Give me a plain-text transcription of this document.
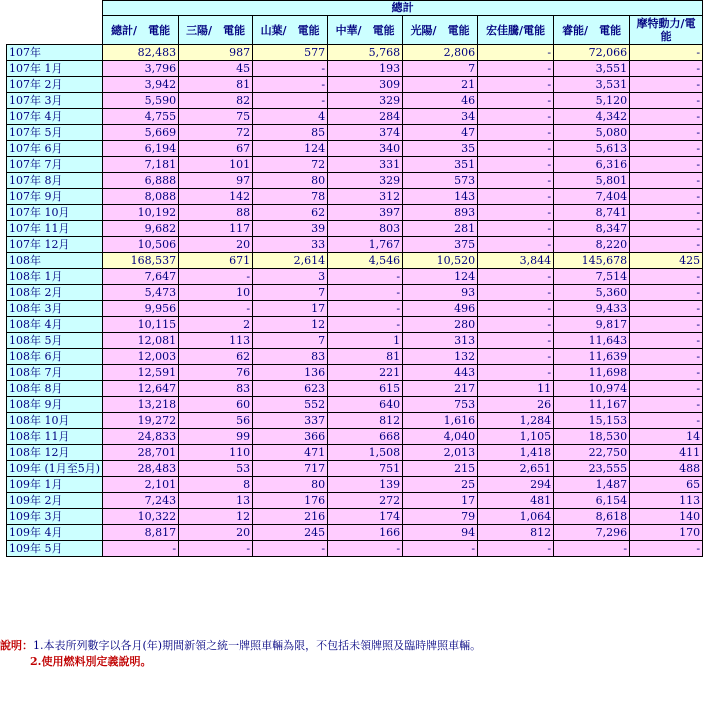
	總計							
	總計/　電能	三陽/　電能	山葉/　電能	中華/　電能	光陽/　電能	宏佳騰/電能	睿能/　電能	摩特動力/電能
107年	82,483	987	577	5,768	2,806	-	72,066	-
107年 1月	3,796	45	-	193	7	-	3,551	-
107年 2月	3,942	81	-	309	21	-	3,531	-
107年 3月	5,590	82	-	329	46	-	5,120	-
107年 4月	4,755	75	4	284	34	-	4,342	-
107年 5月	5,669	72	85	374	47	-	5,080	-
107年 6月	6,194	67	124	340	35	-	5,613	-
107年 7月	7,181	101	72	331	351	-	6,316	-
107年 8月	6,888	97	80	329	573	-	5,801	-
107年 9月	8,088	142	78	312	143	-	7,404	-
107年 10月	10,192	88	62	397	893	-	8,741	-
107年 11月	9,682	117	39	803	281	-	8,347	-
107年 12月	10,506	20	33	1,767	375	-	8,220	-
108年	168,537	671	2,614	4,546	10,520	3,844	145,678	425
108年 1月	7,647	-	3	-	124	-	7,514	-
108年 2月	5,473	10	7	-	93	-	5,360	-
108年 3月	9,956	-	17	-	496	-	9,433	-
108年 4月	10,115	2	12	-	280	-	9,817	-
108年 5月	12,081	113	7	1	313	-	11,643	-
108年 6月	12,003	62	83	81	132	-	11,639	-
108年 7月	12,591	76	136	221	443	-	11,698	-
108年 8月	12,647	83	623	615	217	11	10,974	-
108年 9月	13,218	60	552	640	753	26	11,167	-
108年 10月	19,272	56	337	812	1,616	1,284	15,153	-
108年 11月	24,833	99	366	668	4,040	1,105	18,530	14
108年 12月	28,701	110	471	1,508	2,013	1,418	22,750	411
109年 (1月至5月)	28,483	53	717	751	215	2,651	23,555	488
109年 1月	2,101	8	80	139	25	294	1,487	65
109年 2月	7,243	13	176	272	17	481	6,154	113
109年 3月	10,322	12	216	174	79	1,064	8,618	140
109年 4月	8,817	20	245	166	94	812	7,296	170
109年 5月	-	-	-	-	-	-	-	-
說明：1.本表所列數字以各月(年)期間新領之統一牌照車輛為限，不包括未領牌照及臨時牌照車輛。
2.使用燃料別定義說明。
